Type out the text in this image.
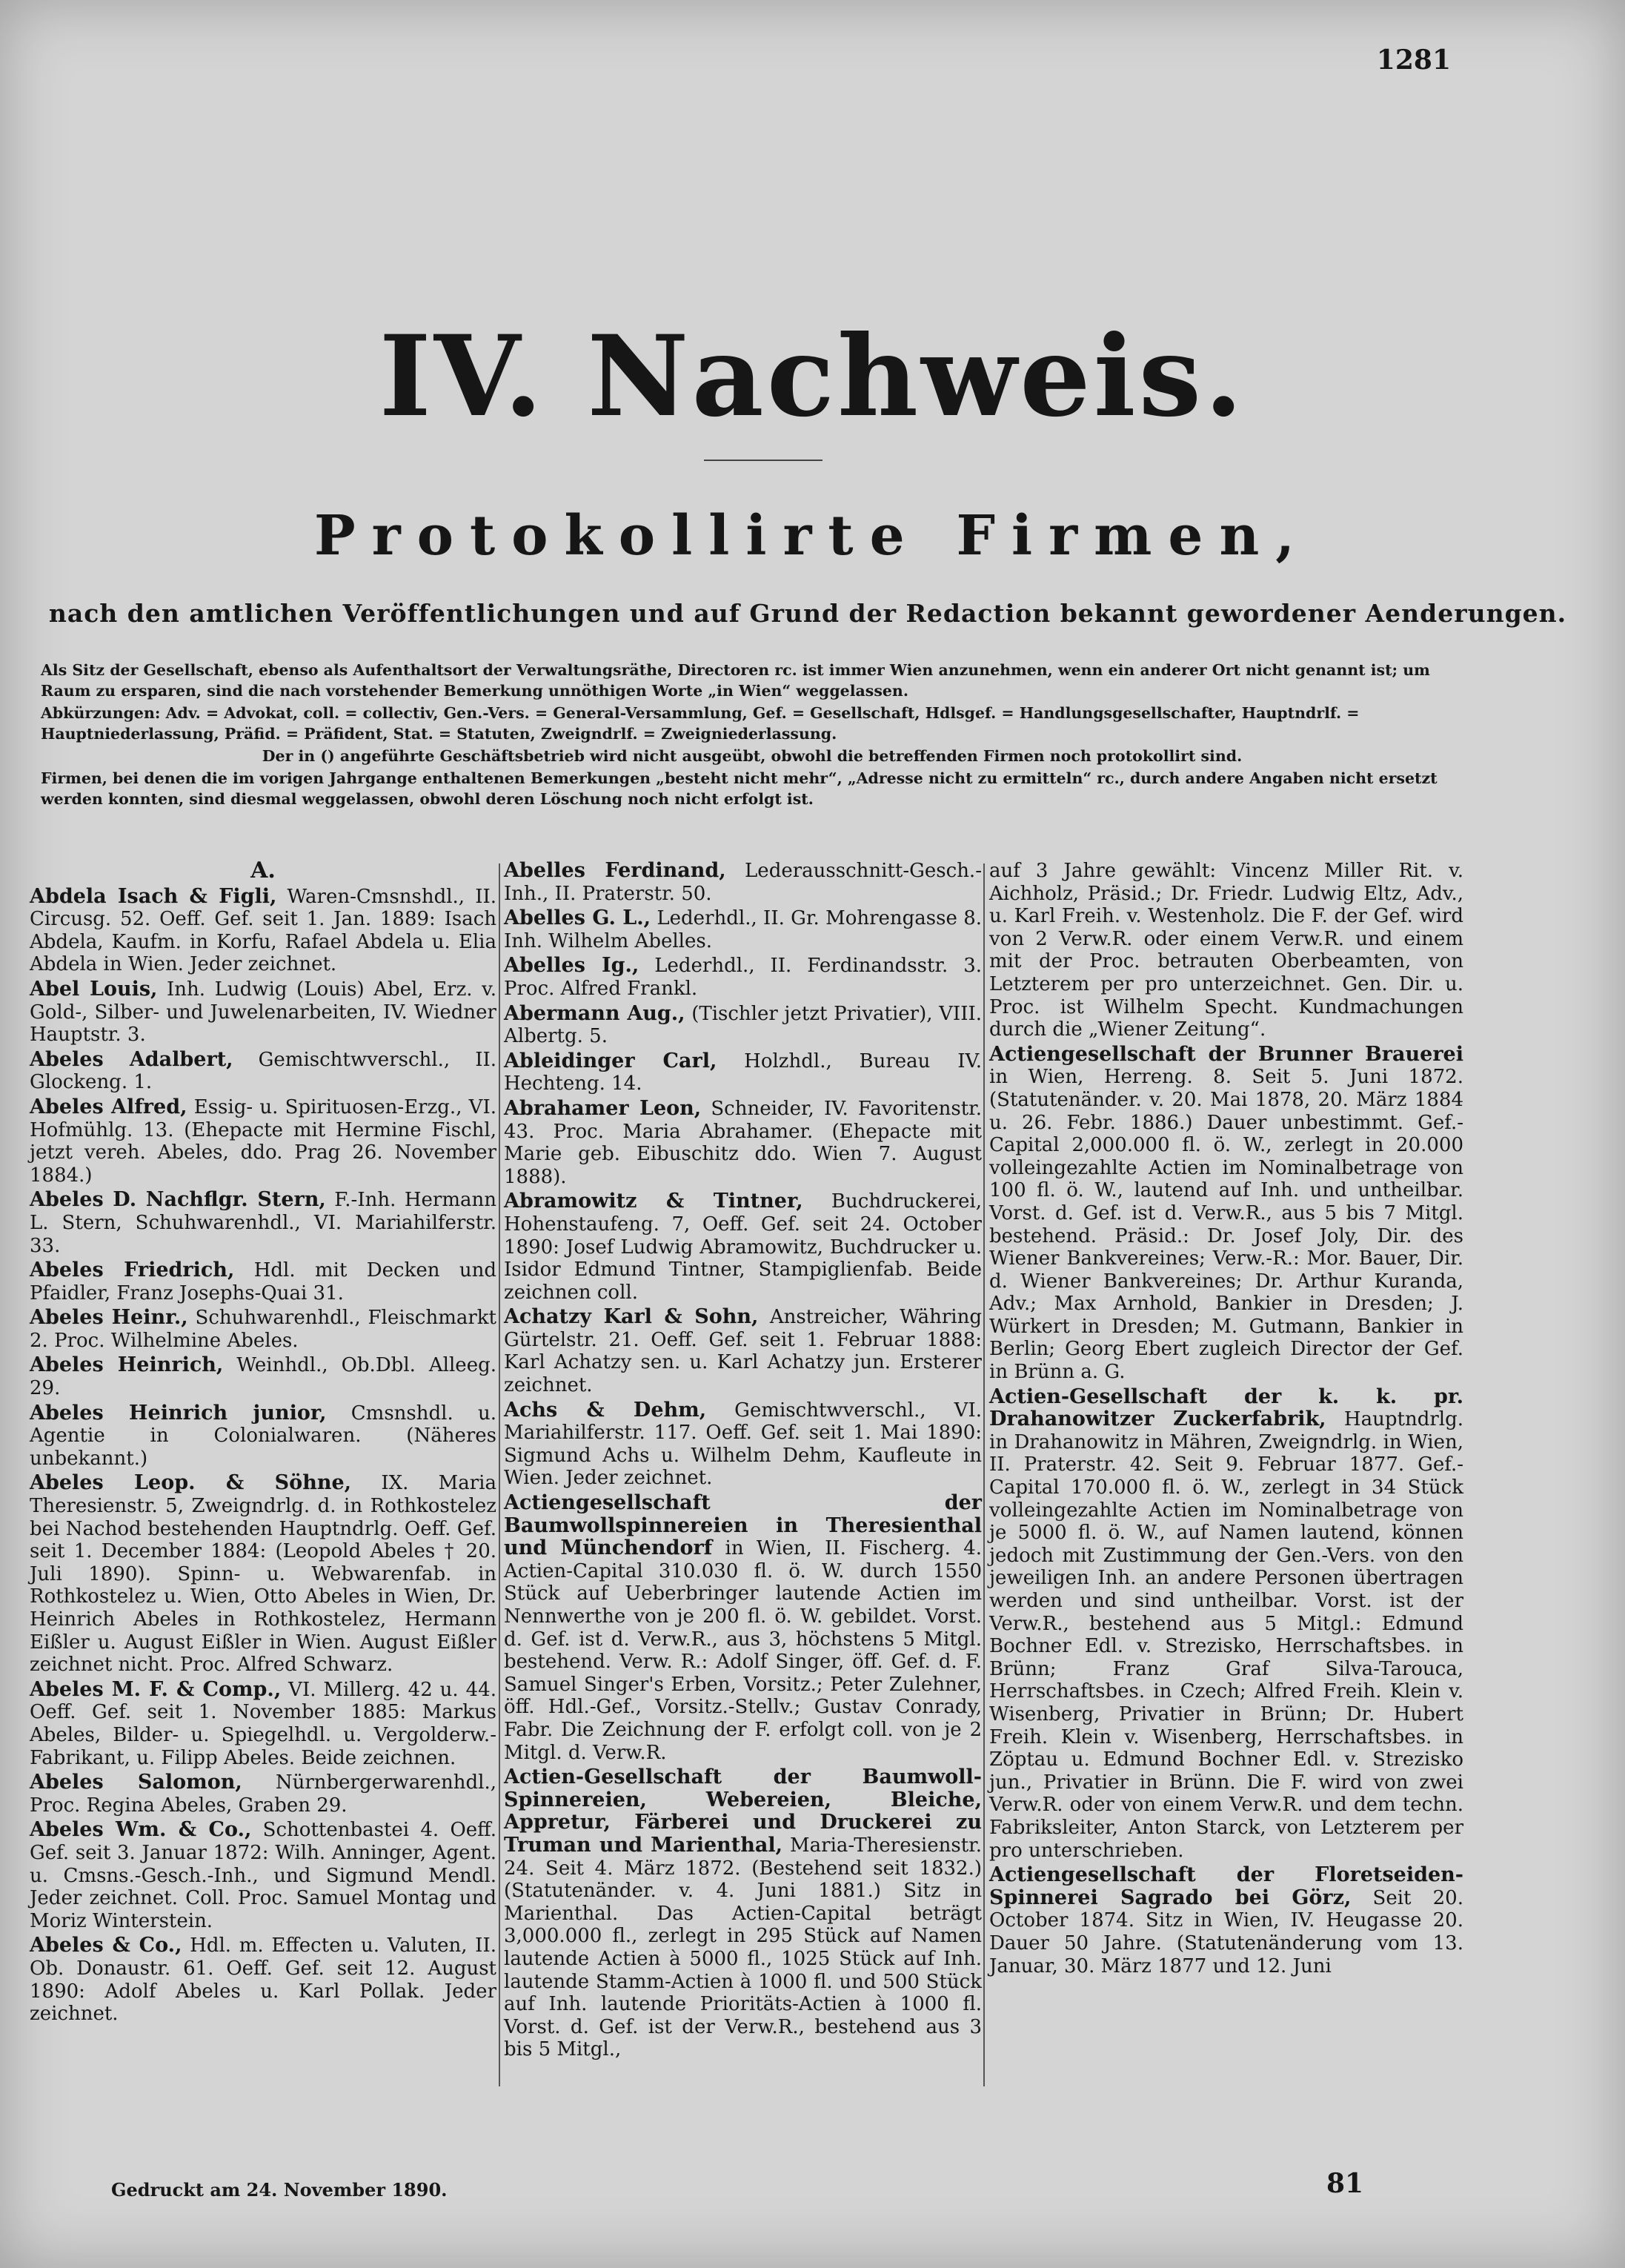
1281
IV. Nachweis.
Protokollirte Firmen,
nach den amtlichen Veröffentlichungen und auf Grund der Redaction bekannt gewordener Aenderungen.

Als Sitz der Gesellschaft, ebenso als Aufenthaltsort der Verwaltungsräthe, Directoren rc. ist immer Wien anzunehmen, wenn ein anderer Ort nicht genannt ist; um Raum zu ersparen, sind die nach vorstehender Bemerkung unnöthigen Worte „in Wien“ weggelassen.

Abkürzungen: Adv. = Advokat, coll. = collectiv, Gen.-Vers. = General-Versammlung, Gef. = Gesellschaft, Hdlsgef. = Handlungsgesellschafter, Hauptndrlf. = Hauptniederlassung, Präfid. = Präfident, Stat. = Statuten, Zweigndrlf. = Zweigniederlassung.

Der in () angeführte Geschäftsbetrieb wird nicht ausgeübt, obwohl die betreffenden Firmen noch protokollirt sind.

Firmen, bei denen die im vorigen Jahrgange enthaltenen Bemerkungen „besteht nicht mehr“, „Adresse nicht zu ermitteln“ rc., durch andere Angaben nicht ersetzt werden konnten, sind diesmal weggelassen, obwohl deren Löschung noch nicht erfolgt ist.

A.

Abdela Isach & Figli, Waren-Cmsnshdl., II. Circusg. 52. Oeff. Gef. seit 1. Jan. 1889: Isach Abdela, Kaufm. in Korfu, Rafael Abdela u. Elia Abdela in Wien. Jeder zeichnet.

Abel Louis, Inh. Ludwig (Louis) Abel, Erz. v. Gold-, Silber- und Juwelenarbeiten, IV. Wiedner Hauptstr. 3.

Abeles Adalbert, Gemischtwverschl., II. Glockeng. 1.

Abeles Alfred, Essig- u. Spirituosen-Erzg., VI. Hofmühlg. 13. (Ehepacte mit Hermine Fischl, jetzt vereh. Abeles, ddo. Prag 26. November 1884.)

Abeles D. Nachflgr. Stern, F.-Inh. Hermann L. Stern, Schuhwarenhdl., VI. Mariahilferstr. 33.

Abeles Friedrich, Hdl. mit Decken und Pfaidler, Franz Josephs-Quai 31.

Abeles Heinr., Schuhwarenhdl., Fleischmarkt 2. Proc. Wilhelmine Abeles.

Abeles Heinrich, Weinhdl., Ob.Dbl. Allееg. 29.

Abeles Heinrich junior, Cmsnshdl. u. Agentie in Colonialwaren. (Näheres unbekannt.)

Abeles Leop. & Söhne, IX. Maria Theresienstr. 5, Zweigndrlg. d. in Rothkostelez bei Nachod bestehenden Hauptndrlg. Oeff. Gef. seit 1. December 1884: (Leopold Abeles † 20. Juli 1890). Spinn- u. Webwarenfab. in Rothkostelez u. Wien, Otto Abeles in Wien, Dr. Heinrich Abeles in Rothkostelez, Hermann Eißler u. August Eißler in Wien. August Eißler zeichnet nicht. Proc. Alfred Schwarz.

Abeles M. F. & Comp., VI. Millerg. 42 u. 44. Oeff. Gef. seit 1. November 1885: Markus Abeles, Bilder- u. Spiegelhdl. u. Vergolderw.-Fabrikant, u. Filipp Abeles. Beide zeichnen.

Abeles Salomon, Nürnbergerwarenhdl., Proc. Regina Abeles, Graben 29.

Abeles Wm. & Co., Schottenbastei 4. Oeff. Gef. seit 3. Januar 1872: Wilh. Anninger, Agent. u. Cmsns.-Gesch.-Inh., und Sigmund Mendl. Jeder zeichnet. Coll. Proc. Samuel Montag und Moriz Winterstein.

Abeles & Co., Hdl. m. Effecten u. Valuten, II. Ob. Donaustr. 61. Oeff. Gef. seit 12. August 1890: Adolf Abeles u. Karl Pollak. Jeder zeichnet.

Abelles Ferdinand, Lederausschnitt-Gesch.-Inh., II. Praterstr. 50.

Abelles G. L., Lederhdl., II. Gr. Mohrengasse 8. Inh. Wilhelm Abelles.

Abelles Ig., Lederhdl., II. Ferdinandsstr. 3. Proc. Alfred Frankl.

Abermann Aug., (Tischler jetzt Privatier), VIII. Albertg. 5.

Ableidinger Carl, Holzhdl., Bureau IV. Hechteng. 14.

Abrahamer Leon, Schneider, IV. Favoritenstr. 43. Proc. Maria Abrahamer. (Ehepacte mit Marie geb. Eibuschitz ddo. Wien 7. August 1888).

Abramowitz & Tintner, Buchdruckerei, Hohenstaufeng. 7, Oeff. Gef. seit 24. October 1890: Josef Ludwig Abramowitz, Buchdrucker u. Isidor Edmund Tintner, Stampiglienfab. Beide zeichnen coll.

Achatzy Karl & Sohn, Anstreicher, Währing Gürtelstr. 21. Oeff. Gef. seit 1. Februar 1888: Karl Achatzy sen. u. Karl Achatzy jun. Ersterer zeichnet.

Achs & Dehm, Gemischtwverschl., VI. Mariahilferstr. 117. Oeff. Gef. seit 1. Mai 1890: Sigmund Achs u. Wilhelm Dehm, Kaufleute in Wien. Jeder zeichnet.

Actiengesellschaft der Baumwollspinnereien in Theresienthal und Münchendorf in Wien, II. Fischerg. 4. Actien-Capital 310.030 fl. ö. W. durch 1550 Stück auf Ueberbringer lautende Actien im Nennwerthe von je 200 fl. ö. W. gebildet. Vorst. d. Gef. ist d. Verw.R., aus 3, höchstens 5 Mitgl. bestehend. Verw. R.: Adolf Singer, öff. Gef. d. F. Samuel Singer's Erben, Vorsitz.; Peter Zulehner, öff. Hdl.-Gef., Vorsitz.-Stellv.; Gustav Conrady, Fabr. Die Zeichnung der F. erfolgt coll. von je 2 Mitgl. d. Verw.R.

Actien-Gesellschaft der Baumwoll-Spinnereien, Webereien, Bleiche, Appretur, Färberei und Druckerei zu Truman und Marienthal, Maria-Theresienstr. 24. Seit 4. März 1872. (Bestehend seit 1832.) (Statutenänder. v. 4. Juni 1881.) Sitz in Marienthal. Das Actien-Capital beträgt 3,000.000 fl., zerlegt in 295 Stück auf Namen lautende Actien à 5000 fl., 1025 Stück auf Inh. lautende Stamm-Actien à 1000 fl. und 500 Stück auf Inh. lautende Prioritäts-Actien à 1000 fl. Vorst. d. Gef. ist der Verw.R., bestehend aus 3 bis 5 Mitgl.,

auf 3 Jahre gewählt: Vincenz Miller Rit. v. Aichholz, Präsid.; Dr. Friedr. Ludwig Eltz, Adv., u. Karl Freih. v. Westenholz. Die F. der Gef. wird von 2 Verw.R. oder einem Verw.R. und einem mit der Proc. betrauten Oberbeamten, von Letzterem per pro unterzeichnet. Gen. Dir. u. Proc. ist Wilhelm Specht. Kundmachungen durch die „Wiener Zeitung“.

Actiengesellschaft der Brunner Brauerei in Wien, Herreng. 8. Seit 5. Juni 1872. (Statutenänder. v. 20. Mai 1878, 20. März 1884 u. 26. Febr. 1886.) Dauer unbestimmt. Gef.-Capital 2,000.000 fl. ö. W., zerlegt in 20.000 volleingezahlte Actien im Nominalbetrage von 100 fl. ö. W., lautend auf Inh. und untheilbar. Vorst. d. Gef. ist d. Verw.R., aus 5 bis 7 Mitgl. bestehend. Präsid.: Dr. Josef Joly, Dir. des Wiener Bankvereines; Verw.-R.: Mor. Bauer, Dir. d. Wiener Bankvereines; Dr. Arthur Kuranda, Adv.; Max Arnhold, Bankier in Dresden; J. Würkert in Dresden; M. Gutmann, Bankier in Berlin; Georg Ebert zugleich Director der Gef. in Brünn a. G.

Actien-Gesellschaft der k. k. pr. Drahanowitzer Zuckerfabrik, Hauptndrlg. in Drahanowitz in Mähren, Zweigndrlg. in Wien, II. Praterstr. 42. Seit 9. Februar 1877. Gef.-Capital 170.000 fl. ö. W., zerlegt in 34 Stück volleingezahlte Actien im Nominalbetrage von je 5000 fl. ö. W., auf Namen lautend, können jedoch mit Zustimmung der Gen.-Vers. von den jeweiligen Inh. an andere Personen übertragen werden und sind untheilbar. Vorst. ist der Verw.R., bestehend aus 5 Mitgl.: Edmund Bochner Edl. v. Strezisko, Herrschaftsbes. in Brünn; Franz Graf Silva-Tarouca, Herrschaftsbes. in Czech; Alfred Freih. Klein v. Wisenberg, Privatier in Brünn; Dr. Hubert Freih. Klein v. Wisenberg, Herrschaftsbes. in Zöptau u. Edmund Bochner Edl. v. Strezisko jun., Privatier in Brünn. Die F. wird von zwei Verw.R. oder von einem Verw.R. und dem techn. Fabriksleiter, Anton Starck, von Letzterem per pro unterschrieben.

Actiengesellschaft der Floretseiden-Spinnerei Sagrado bei Görz, Seit 20. October 1874. Sitz in Wien, IV. Heugasse 20. Dauer 50 Jahre. (Statutenänderung vom 13. Januar, 30. März 1877 und 12. Juni

Gedruckt am 24. November 1890.	81
